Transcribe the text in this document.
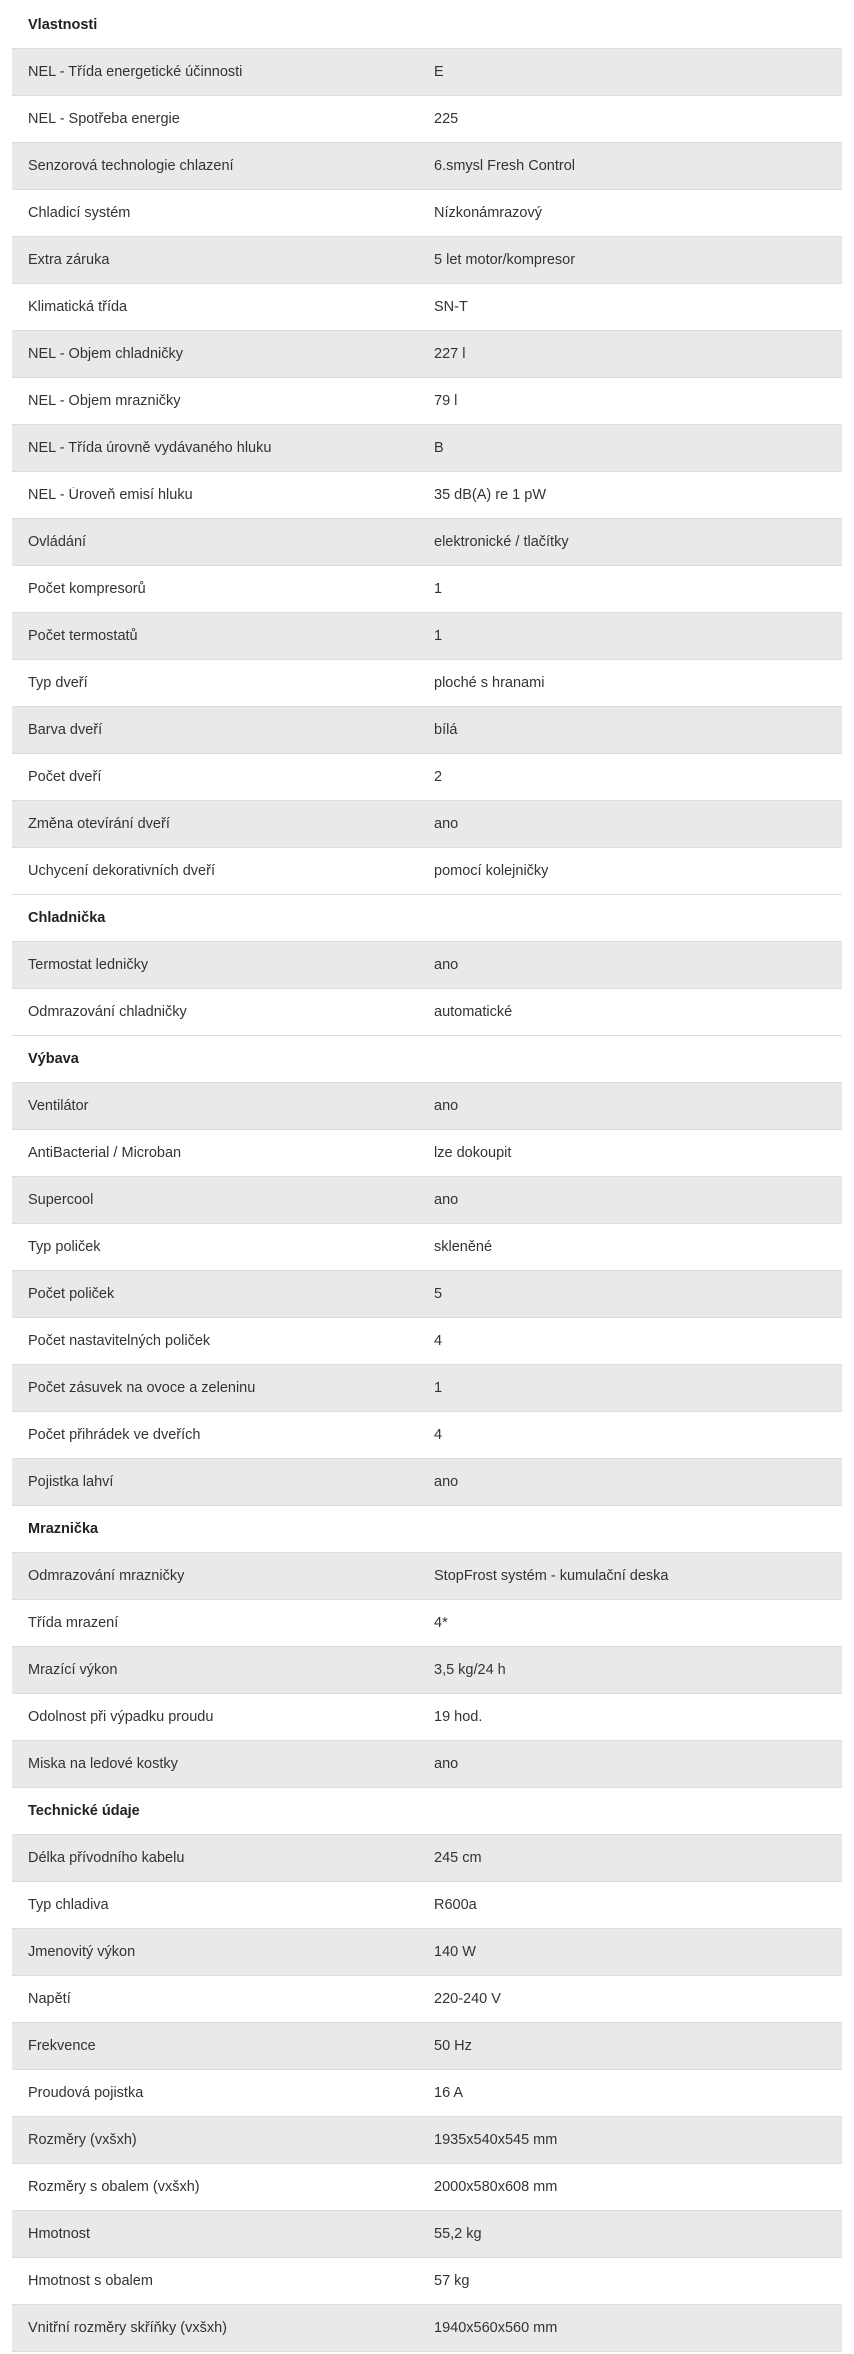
Vlastnosti
NEL - Třída energetické účinnosti	E
NEL - Spotřeba energie	225
Senzorová technologie chlazení	6.smysl Fresh Control
Chladicí systém	Nízkonámrazový
Extra záruka	5 let motor/kompresor
Klimatická třída	SN-T
NEL - Objem chladničky	227 l
NEL - Objem mrazničky	79 l
NEL - Třída úrovně vydávaného hluku	B
NEL - Úroveň emisí hluku	35 dB(A) re 1 pW
Ovládání	elektronické / tlačítky
Počet kompresorů	1
Počet termostatů	1
Typ dveří	ploché s hranami
Barva dveří	bílá
Počet dveří	2
Změna otevírání dveří	ano
Uchycení dekorativních dveří	pomocí kolejničky
Chladnička
Termostat ledničky	ano
Odmrazování chladničky	automatické
Výbava
Ventilátor	ano
AntiBacterial / Microban	lze dokoupit
Supercool	ano
Typ poliček	skleněné
Počet poliček	5
Počet nastavitelných poliček	4
Počet zásuvek na ovoce a zeleninu	1
Počet přihrádek ve dveřích	4
Pojistka lahví	ano
Mraznička
Odmrazování mrazničky	StopFrost systém - kumulační deska
Třída mrazení	4*
Mrazící výkon	3,5 kg/24 h
Odolnost při výpadku proudu	19 hod.
Miska na ledové kostky	ano
Technické údaje
Délka přívodního kabelu	245 cm
Typ chladiva	R600a
Jmenovitý výkon	140 W
Napětí	220-240 V
Frekvence	50 Hz
Proudová pojistka	16 A
Rozměry (vxšxh)	1935x540x545 mm
Rozměry s obalem (vxšxh)	2000x580x608 mm
Hmotnost	55,2 kg
Hmotnost s obalem	57 kg
Vnitřní rozměry skříňky (vxšxh)	1940x560x560 mm
